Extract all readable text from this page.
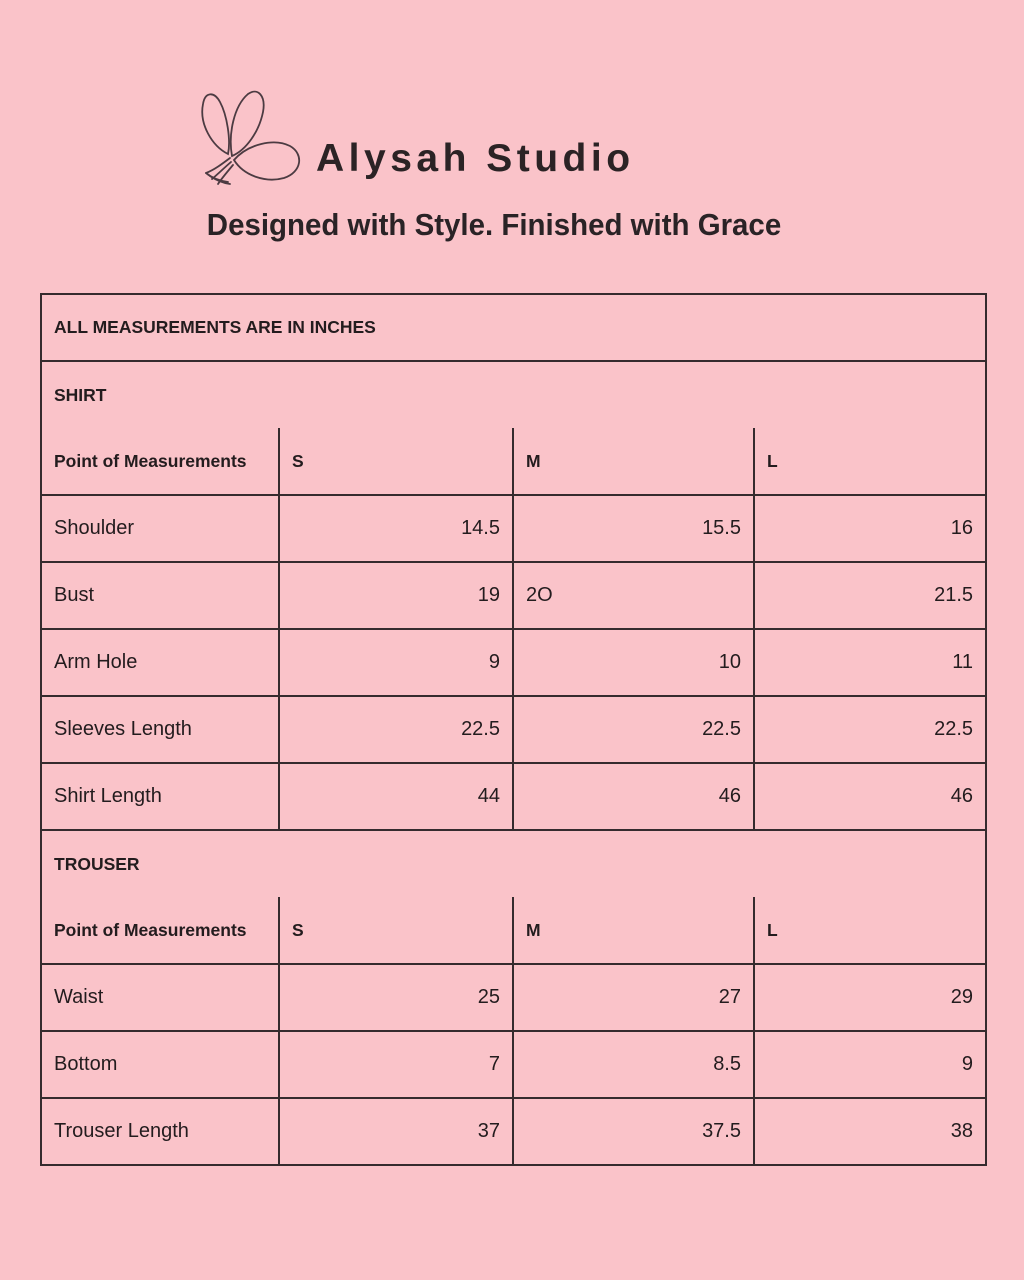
Alysah Studio
Designed with Style. Finished with Grace
ALL MEASUREMENTS ARE IN INCHES			
SHIRT			
Point of Measurements	S	M	L
Shoulder	14.5	15.5	16
Bust	19	2O	21.5
Arm Hole	9	10	11
Sleeves Length	22.5	22.5	22.5
Shirt Length	44	46	46
TROUSER			
Point of Measurements	S	M	L
Waist	25	27	29
Bottom	7	8.5	9
Trouser Length	37	37.5	38
